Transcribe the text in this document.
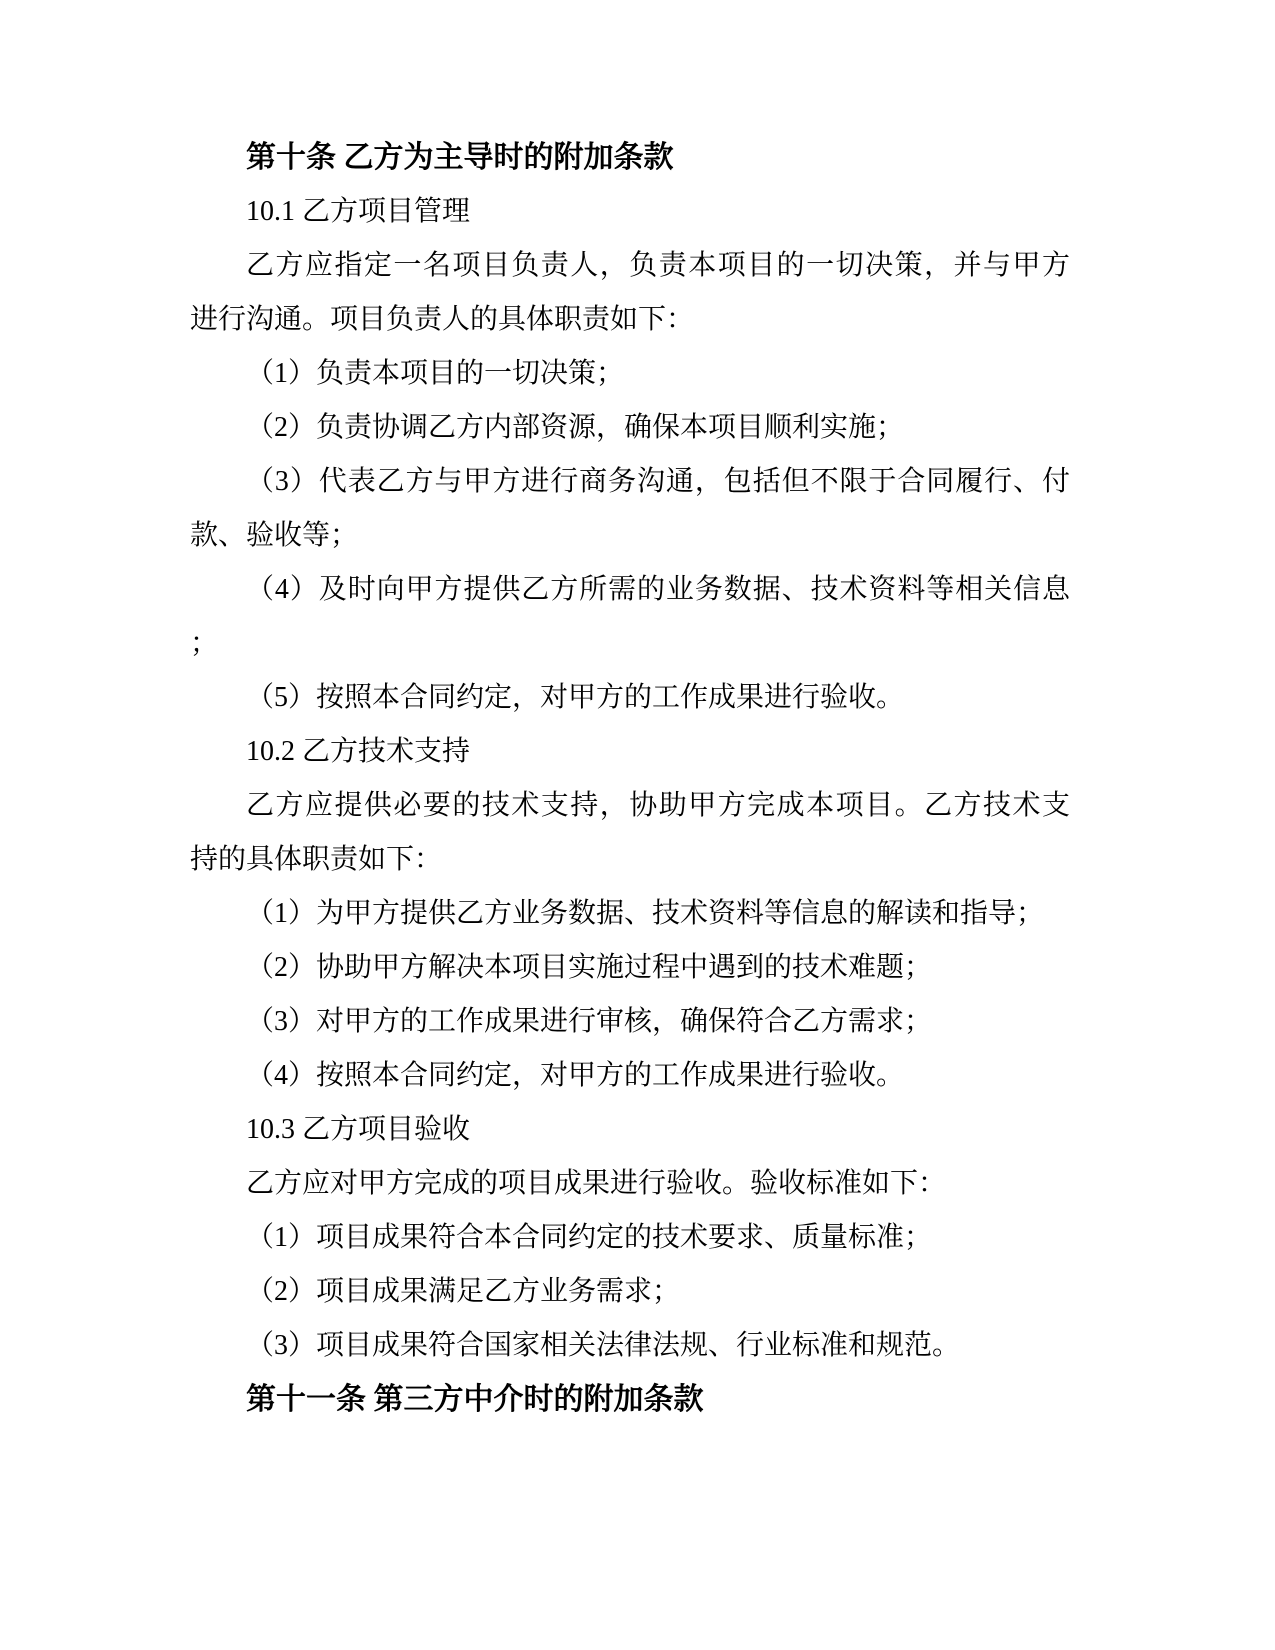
第十条 乙方为主导时的附加条款
10.1 乙方项目管理
乙方应指定一名项目负责人，负责本项目的一切决策，并与甲方
进行沟通。项目负责人的具体职责如下：
（1）负责本项目的一切决策；
（2）负责协调乙方内部资源，确保本项目顺利实施；
（3）代表乙方与甲方进行商务沟通，包括但不限于合同履行、付
款、验收等；
（4）及时向甲方提供乙方所需的业务数据、技术资料等相关信息
；
（5）按照本合同约定，对甲方的工作成果进行验收。
10.2 乙方技术支持
乙方应提供必要的技术支持，协助甲方完成本项目。乙方技术支
持的具体职责如下：
（1）为甲方提供乙方业务数据、技术资料等信息的解读和指导；
（2）协助甲方解决本项目实施过程中遇到的技术难题；
（3）对甲方的工作成果进行审核，确保符合乙方需求；
（4）按照本合同约定，对甲方的工作成果进行验收。
10.3 乙方项目验收
乙方应对甲方完成的项目成果进行验收。验收标准如下：
（1）项目成果符合本合同约定的技术要求、质量标准；
（2）项目成果满足乙方业务需求；
（3）项目成果符合国家相关法律法规、行业标准和规范。
第十一条 第三方中介时的附加条款
